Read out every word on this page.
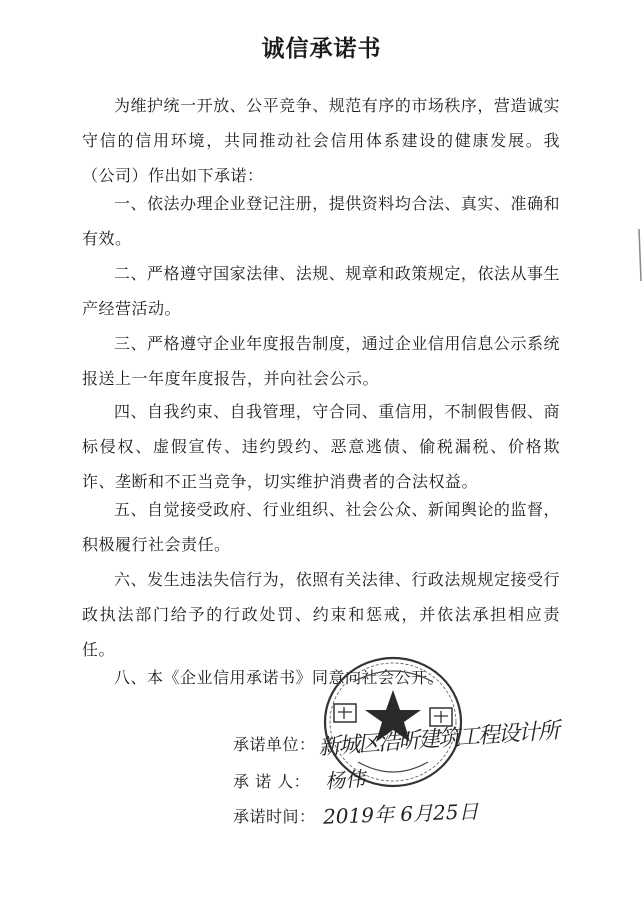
诚信承诺书
为维护统一开放、公平竞争、规范有序的市场秩序，营造诚实守信的信用环境，共同推动社会信用体系建设的健康发展。我（公司）作出如下承诺：
一、依法办理企业登记注册，提供资料均合法、真实、准确和有效。
二、严格遵守国家法律、法规、规章和政策规定，依法从事生产经营活动。
三、严格遵守企业年度报告制度，通过企业信用信息公示系统报送上一年度年度报告，并向社会公示。
四、自我约束、自我管理，守合同、重信用，不制假售假、商标侵权、虚假宣传、违约毁约、恶意逃债、偷税漏税、价格欺诈、垄断和不正当竞争，切实维护消费者的合法权益。
五、自觉接受政府、行业组织、社会公众、新闻舆论的监督，积极履行社会责任。
六、发生违法失信行为，依照有关法律、行政法规规定接受行政执法部门给予的行政处罚、约束和惩戒，并依法承担相应责任。
八、本《企业信用承诺书》同意向社会公开。
承诺单位： 新城区浩昕建筑工程设计所
承 诺 人： 杨伟
承诺时间： 2019年 6月25日
